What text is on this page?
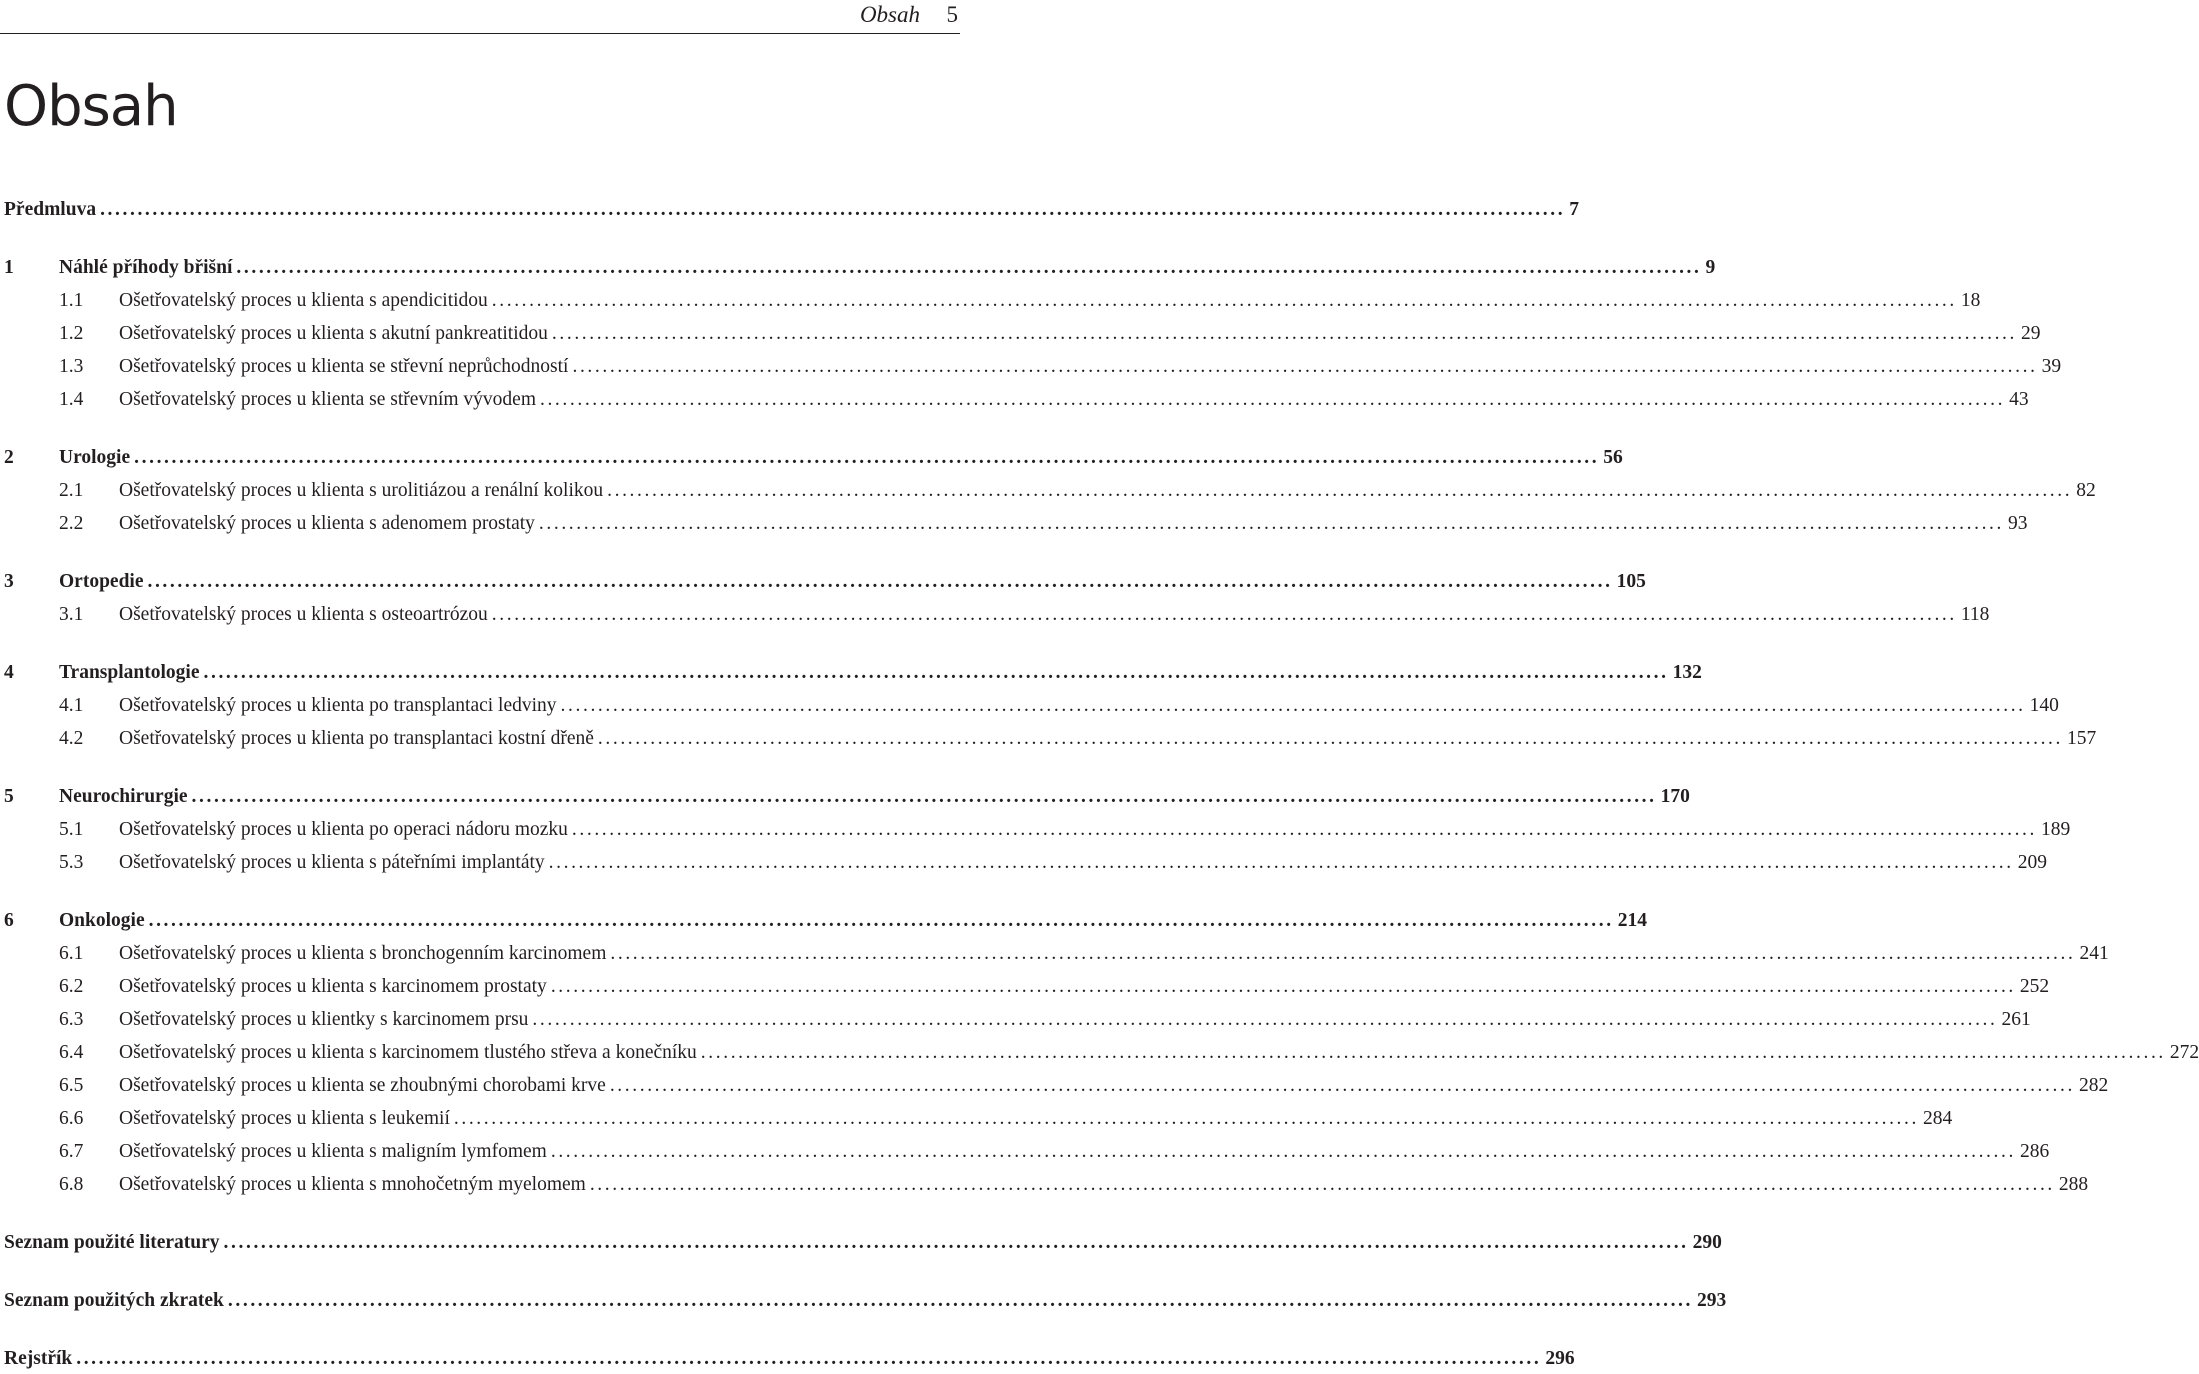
Obsah 5
Obsah
Předmluva .....	7
1	Náhlé příhody břišní .....	9
1.1	Ošetřovatelský proces u klienta s apendicitidou .....	18
1.2	Ošetřovatelský proces u klienta s akutní pankreatitidou .....	29
1.3	Ošetřovatelský proces u klienta se střevní neprůchodností .....	39
1.4	Ošetřovatelský proces u klienta se střevním vývodem .....	43
2	Urologie .....	56
2.1	Ošetřovatelský proces u klienta s urolitiázou a renální kolikou .....	82
2.2	Ošetřovatelský proces u klienta s adenomem prostaty .....	93
3	Ortopedie .....	105
3.1	Ošetřovatelský proces u klienta s osteoartrózou .....	118
4	Transplantologie .....	132
4.1	Ošetřovatelský proces u klienta po transplantaci ledviny .....	140
4.2	Ošetřovatelský proces u klienta po transplantaci kostní dřeně .....	157
5	Neurochirurgie .....	170
5.1	Ošetřovatelský proces u klienta po operaci nádoru mozku .....	189
5.3	Ošetřovatelský proces u klienta s páteřními implantáty .....	209
6	Onkologie .....	214
6.1	Ošetřovatelský proces u klienta s bronchogenním karcinomem .....	241
6.2	Ošetřovatelský proces u klienta s karcinomem prostaty .....	252
6.3	Ošetřovatelský proces u klientky s karcinomem prsu .....	261
6.4	Ošetřovatelský proces u klienta s karcinomem tlustého střeva a konečníku .....	272
6.5	Ošetřovatelský proces u klienta se zhoubnými chorobami krve .....	282
6.6	Ošetřovatelský proces u klienta s leukemií .....	284
6.7	Ošetřovatelský proces u klienta s maligním lymfomem .....	286
6.8	Ošetřovatelský proces u klienta s mnohočetným myelomem .....	288
Seznam použité literatury .....	290
Seznam použitých zkratek .....	293
Rejstřík .....	296
